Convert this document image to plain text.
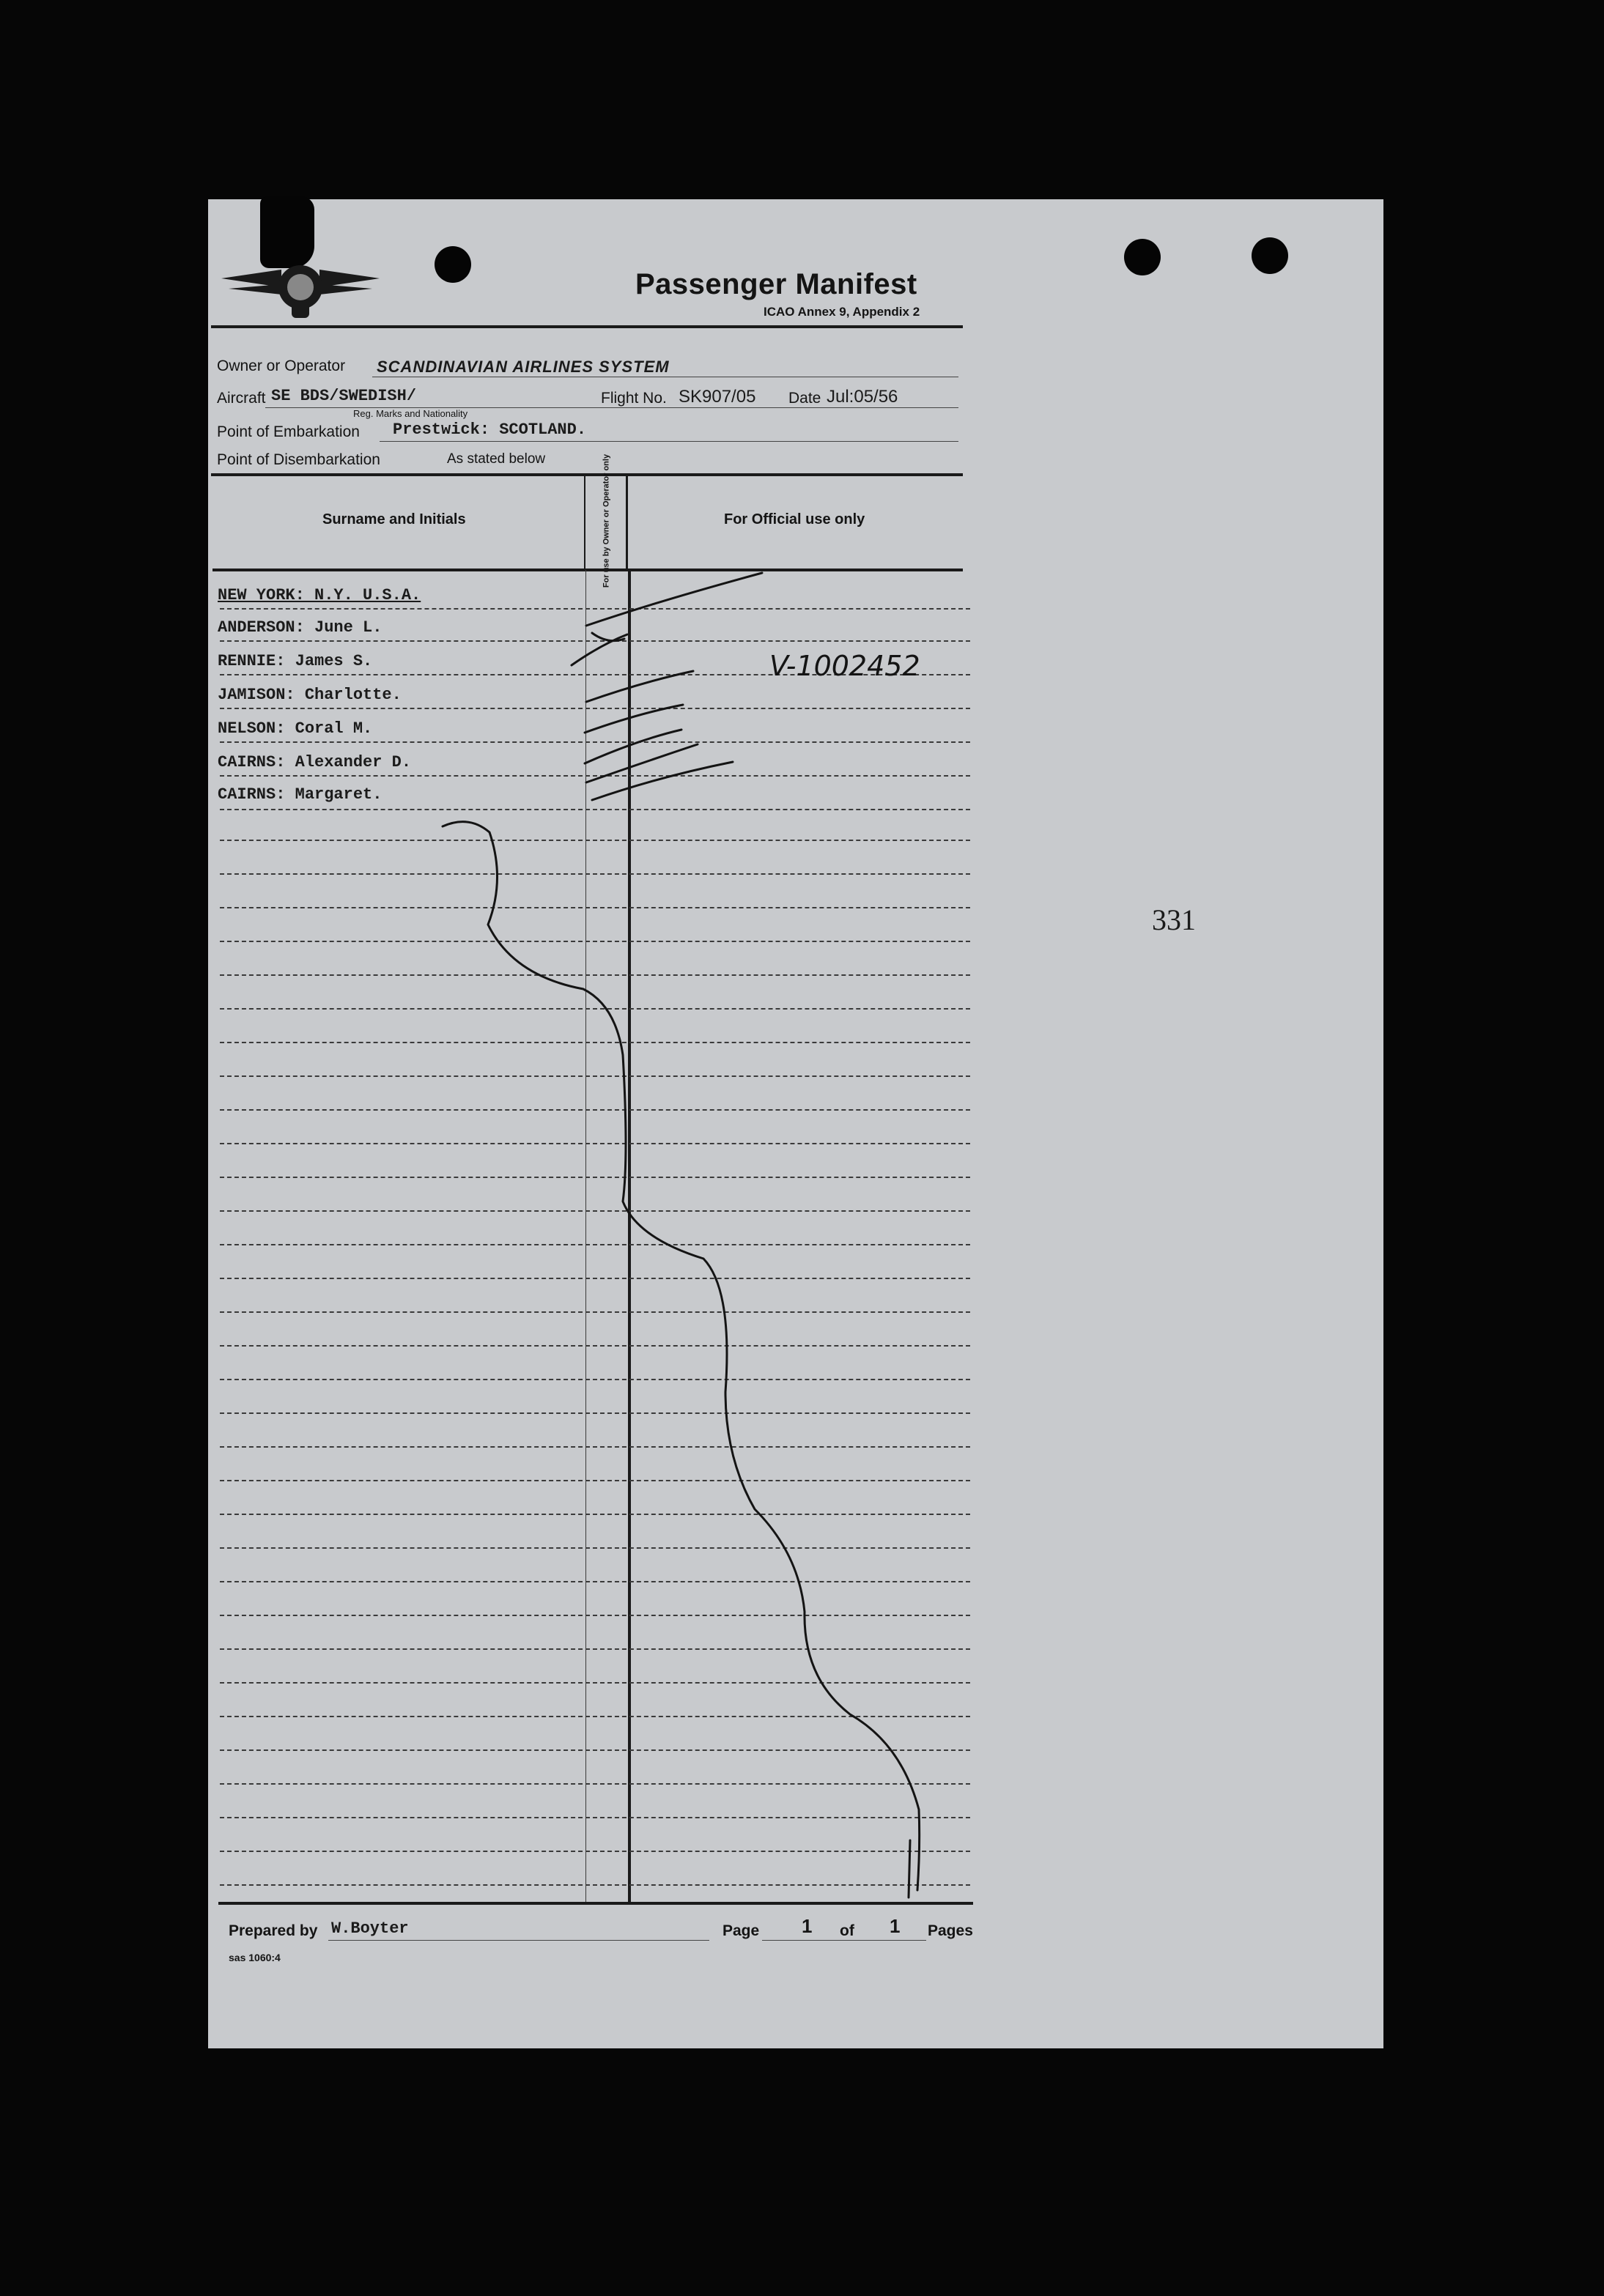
Passenger Manifest
ICAO Annex 9, Appendix 2
Owner or Operator SCANDINAVIAN AIRLINES SYSTEM
Aircraft SE BDS/SWEDISH/
Reg. Marks and Nationality
Flight No. SK907/05 Date Jul:05/56
Point of Embarkation Prestwick: SCOTLAND.
Point of Disembarkation	As stated below
Surname and Initials	For use by Owner or Operator only	For Official use only
NEW YORK: N.Y. U.S.A.
ANDERSON: June L.
RENNIE: James S.
JAMISON: Charlotte.
NELSON: Coral M.
CAIRNS: Alexander D.
CAIRNS: Margaret.
V-1002452
331
Prepared by W.Boyter	Page 1 of 1 Pages
sas 1060:4
